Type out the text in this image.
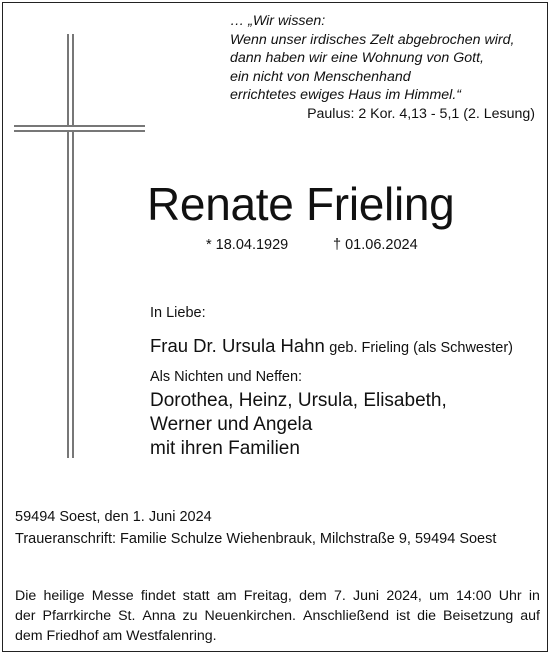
… „Wir wissen:
Wenn unser irdisches Zelt abgebrochen wird,
dann haben wir eine Wohnung von Gott,
ein nicht von Menschenhand
errichtetes ewiges Haus im Himmel.“
Paulus: 2 Kor. 4,13 - 5,1 (2. Lesung)
Renate Frieling
* 18.04.1929	† 01.06.2024
In Liebe:
Frau Dr. Ursula Hahn geb. Frieling (als Schwester)
Als Nichten und Neffen:
Dorothea, Heinz, Ursula, Elisabeth,
Werner und Angela
mit ihren Familien
59494 Soest, den 1. Juni 2024
Traueranschrift: Familie Schulze Wiehenbrauk, Milchstraße 9, 59494 Soest
Die heilige Messe findet statt am Freitag, dem 7. Juni 2024, um 14:00 Uhr in
der Pfarrkirche St. Anna zu Neuenkirchen. Anschließend ist die Beisetzung auf
dem Friedhof am Westfalenring.
